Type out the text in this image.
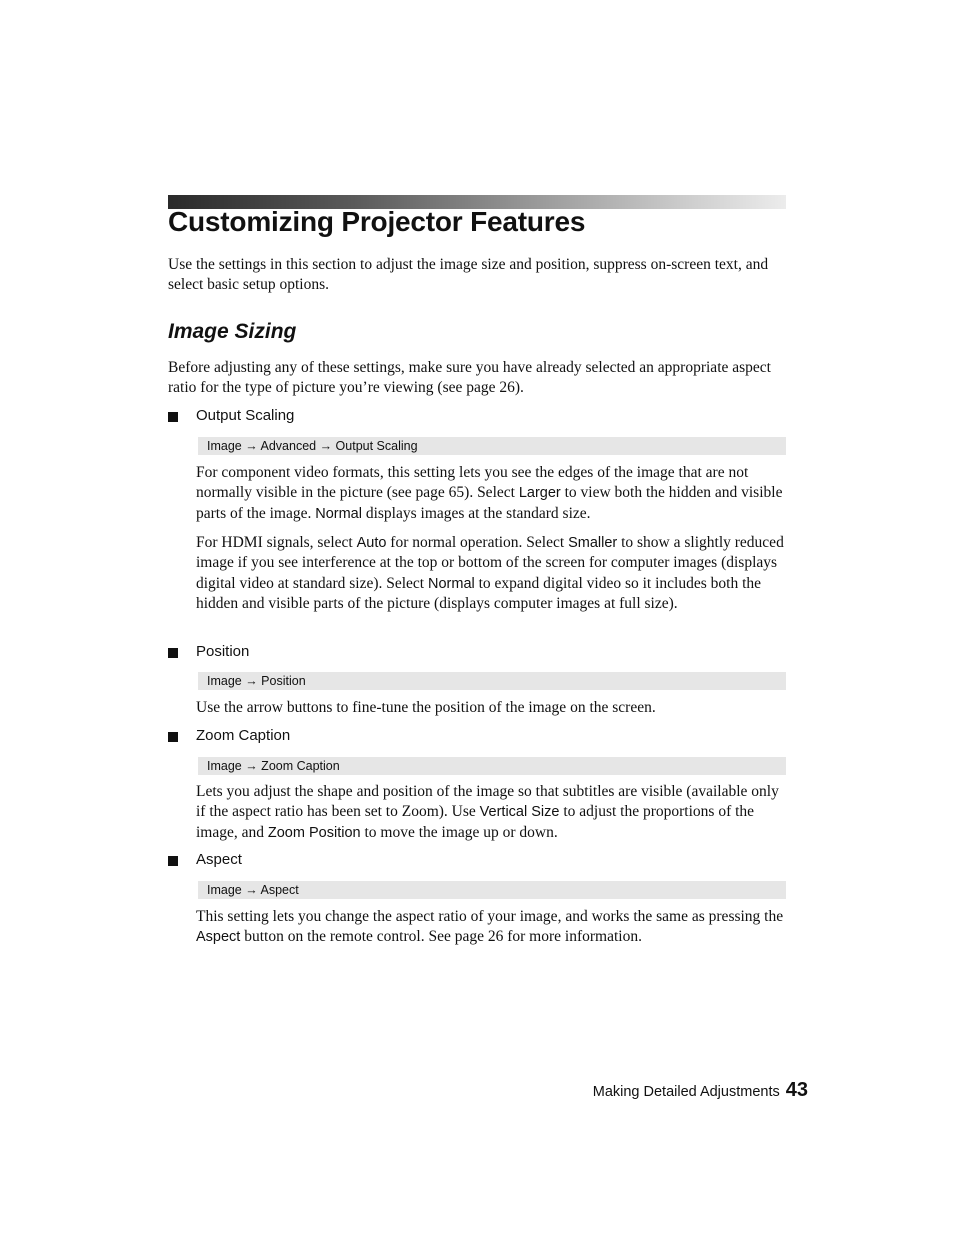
Customizing Projector Features

Use the settings in this section to adjust the image size and position, suppress on-screen text, and select basic setup options.

Image Sizing

Before adjusting any of these settings, make sure you have already selected an appropriate aspect ratio for the type of picture you’re viewing (see page 26).

Output Scaling
Image → Advanced → Output Scaling

For component video formats, this setting lets you see the edges of the image that are not normally visible in the picture (see page 65). Select Larger to view both the hidden and visible parts of the image. Normal displays images at the standard size.

For HDMI signals, select Auto for normal operation. Select Smaller to show a slightly reduced image if you see interference at the top or bottom of the screen for computer images (displays digital video at standard size). Select Normal to expand digital video so it includes both the hidden and visible parts of the picture (displays computer images at full size).

Position
Image → Position

Use the arrow buttons to fine-tune the position of the image on the screen.

Zoom Caption
Image → Zoom Caption

Lets you adjust the shape and position of the image so that subtitles are visible (available only if the aspect ratio has been set to Zoom). Use Vertical Size to adjust the proportions of the image, and Zoom Position to move the image up or down.

Aspect
Image → Aspect

This setting lets you change the aspect ratio of your image, and works the same as pressing the Aspect button on the remote control. See page 26 for more information.

Making Detailed Adjustments 43
